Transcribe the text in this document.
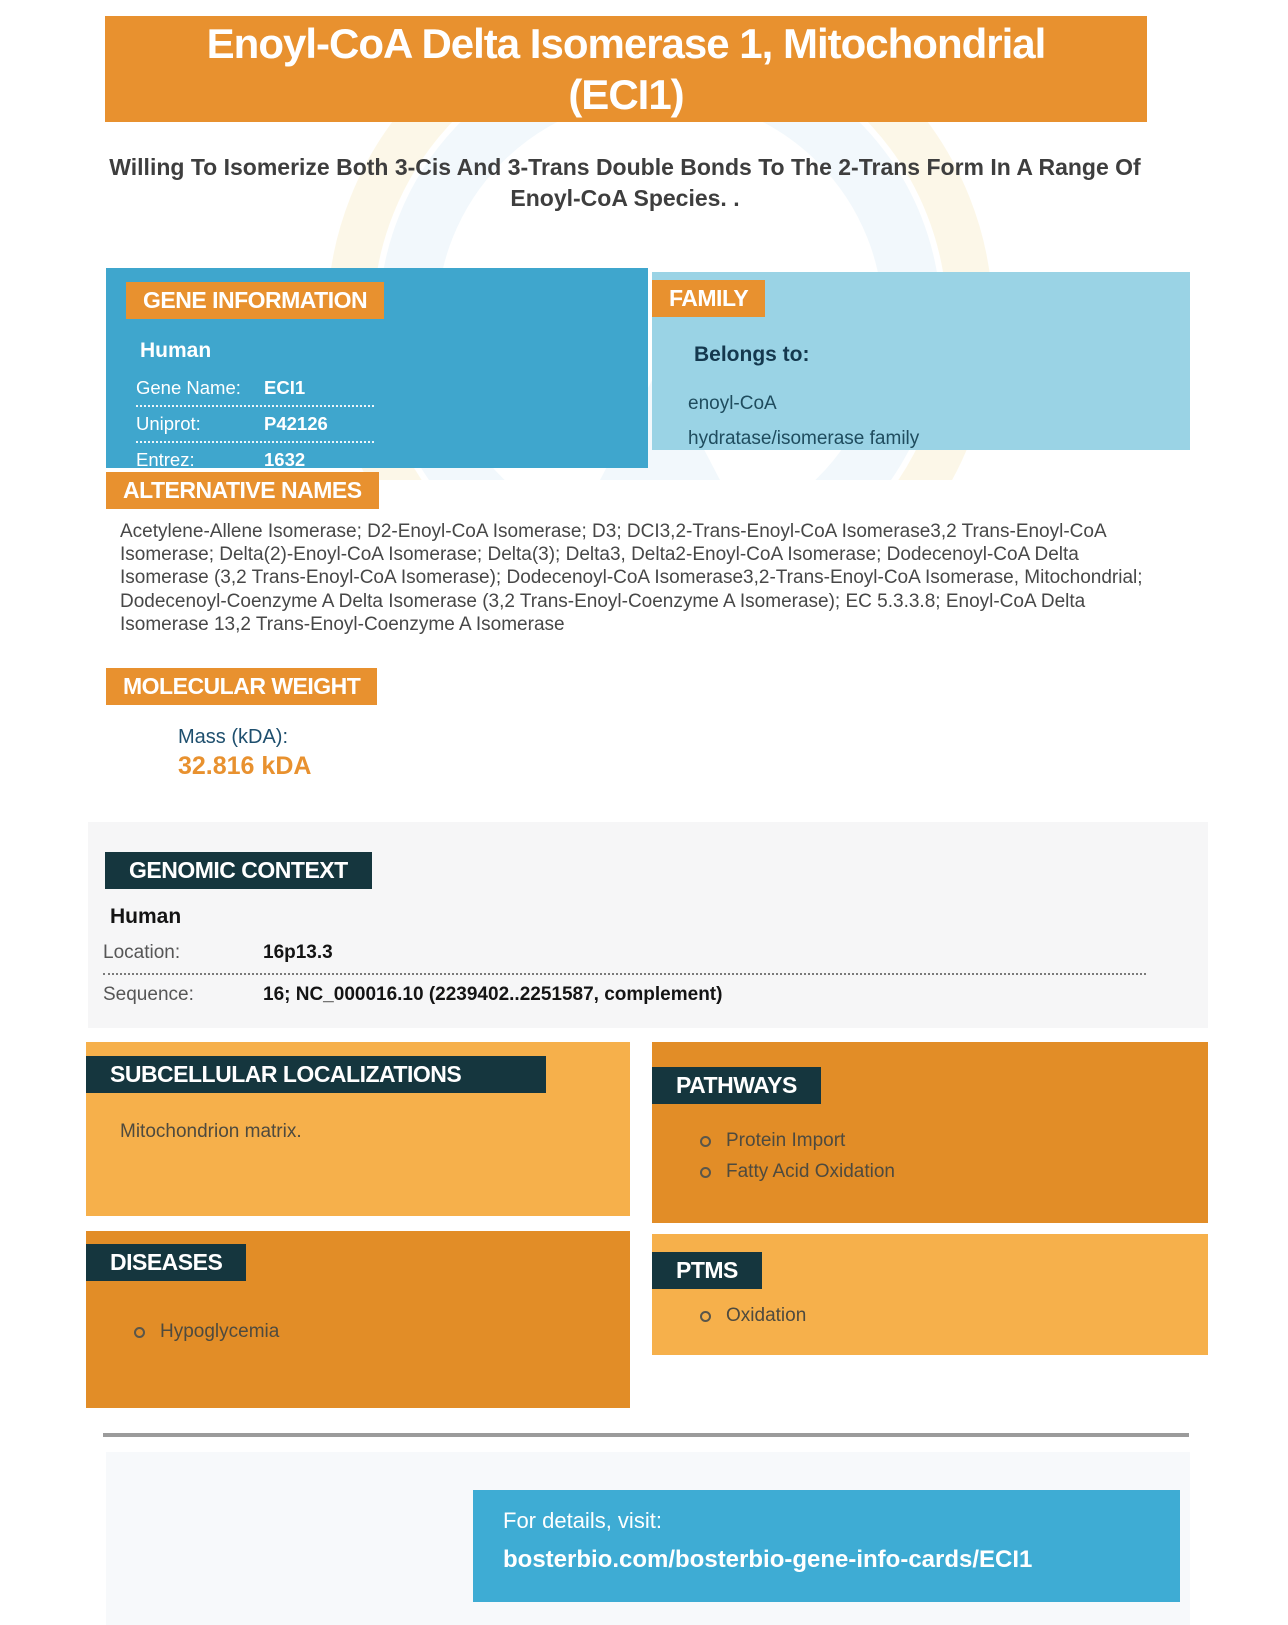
Enoyl-CoA Delta Isomerase 1, Mitochondrial
(ECI1)
Willing To Isomerize Both 3-Cis And 3-Trans Double Bonds To The 2-Trans Form In A Range Of Enoyl-CoA Species. .
GENE INFORMATION
Human
Gene Name:	ECI1
Uniprot:	P42126
Entrez:	1632
FAMILY
Belongs to:
enoyl-CoA
hydratase/isomerase family
ALTERNATIVE NAMES
Acetylene-Allene Isomerase; D2-Enoyl-CoA Isomerase; D3; DCI3,2-Trans-Enoyl-CoA Isomerase3,2 Trans-Enoyl-CoA Isomerase; Delta(2)-Enoyl-CoA Isomerase; Delta(3); Delta3, Delta2-Enoyl-CoA Isomerase; Dodecenoyl-CoA Delta Isomerase (3,2 Trans-Enoyl-CoA Isomerase); Dodecenoyl-CoA Isomerase3,2-Trans-Enoyl-CoA Isomerase, Mitochondrial; Dodecenoyl-Coenzyme A Delta Isomerase (3,2 Trans-Enoyl-Coenzyme A Isomerase); EC 5.3.3.8; Enoyl-CoA Delta Isomerase 13,2 Trans-Enoyl-Coenzyme A Isomerase
MOLECULAR WEIGHT
Mass (kDA):
32.816 kDA
GENOMIC CONTEXT
Human
Location:	16p13.3
Sequence:	16; NC_000016.10 (2239402..2251587, complement)
SUBCELLULAR LOCALIZATIONS
Mitochondrion matrix.
PATHWAYS
Protein Import
Fatty Acid Oxidation
DISEASES
Hypoglycemia
PTMS
Oxidation
For details, visit:
bosterbio.com/bosterbio-gene-info-cards/ECI1
